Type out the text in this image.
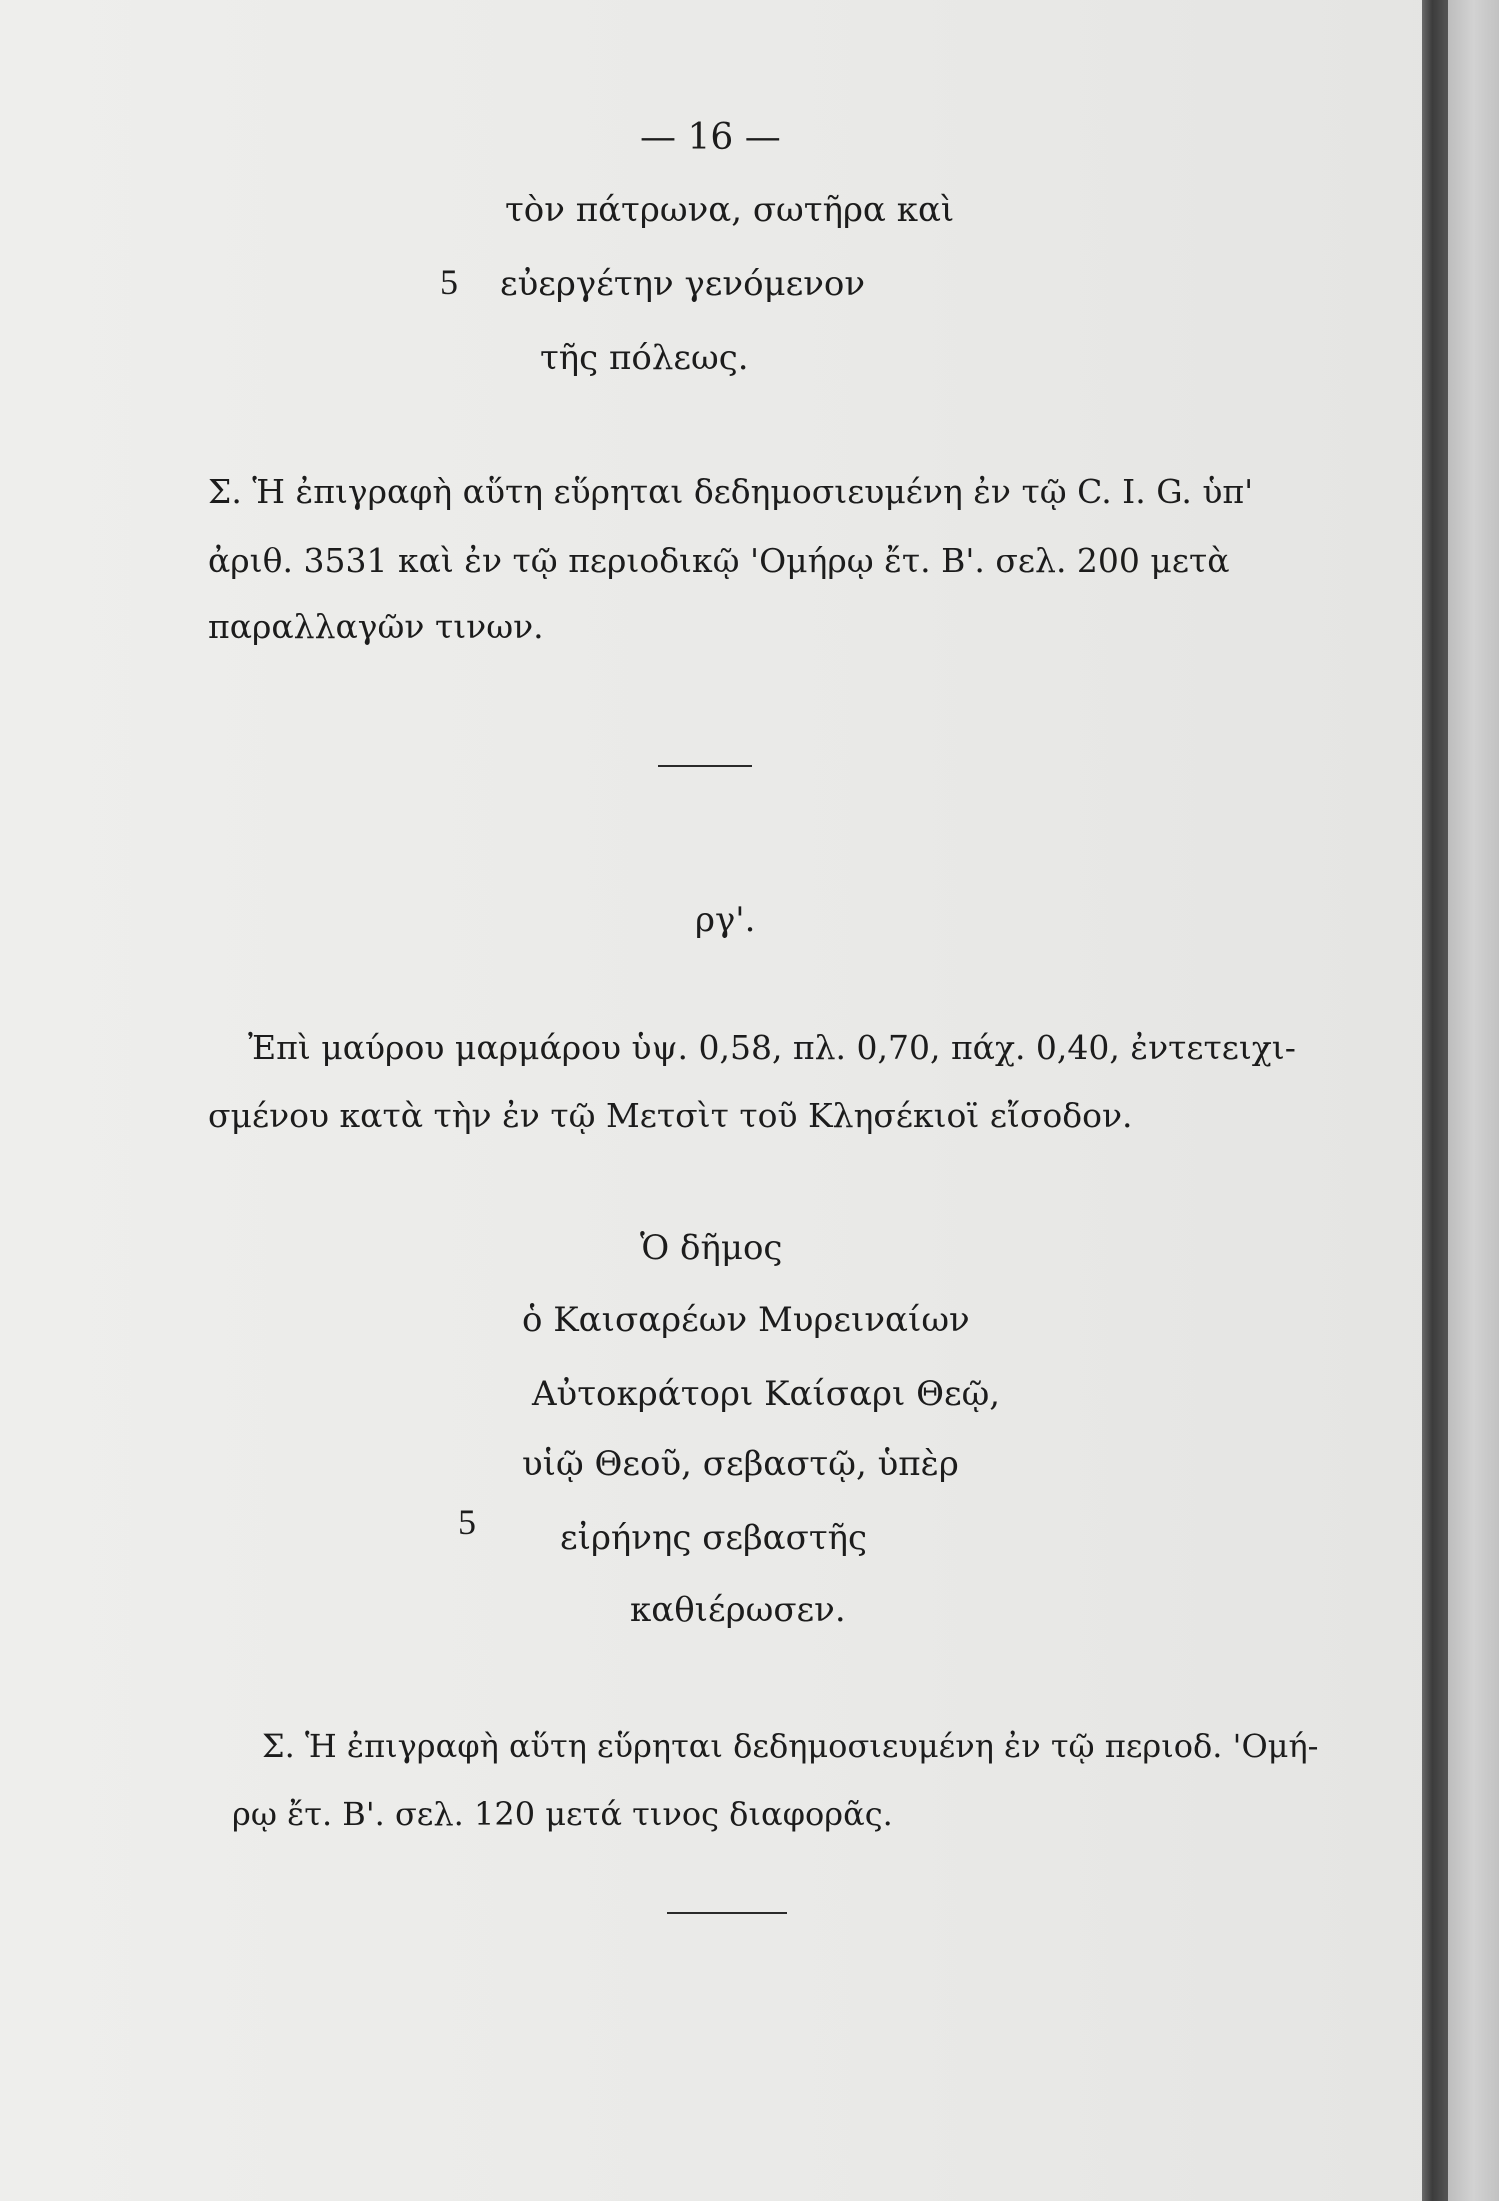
— 16 —
τὸν πάτρωνα, σωτῆρα καὶ
5 εὐεργέτην γενόμενον
τῆς πόλεως.
Σ. Ἡ ἐπιγραφὴ αὕτη εὕρηται δεδημοσιευμένη ἐν τῷ C. I. G. ὑπ'
ἀριθ. 3531 καὶ ἐν τῷ περιοδικῷ 'Ομήρῳ ἔτ. Β'. σελ. 200 μετὰ
παραλλαγῶν τινων.
ργ'.
Ἐπὶ μαύρου μαρμάρου ὑψ. 0,58, πλ. 0,70, πάχ. 0,40, ἐντετειχι-
σμένου κατὰ τὴν ἐν τῷ Μετσὶτ τοῦ Κλησέκιοϊ εἴσοδον.
Ὁ δῆμος
ὁ Καισαρέων Μυρειναίων
Αὐτοκράτορι Καίσαρι Θεῷ,
υἱῷ Θεοῦ, σεβαστῷ, ὑπὲρ
5 εἰρήνης σεβαστῆς
καθιέρωσεν.
Σ. Ἡ ἐπιγραφὴ αὕτη εὕρηται δεδημοσιευμένη ἐν τῷ περιοδ. 'Ομή-
ρῳ ἔτ. Β'. σελ. 120 μετά τινος διαφορᾶς.
